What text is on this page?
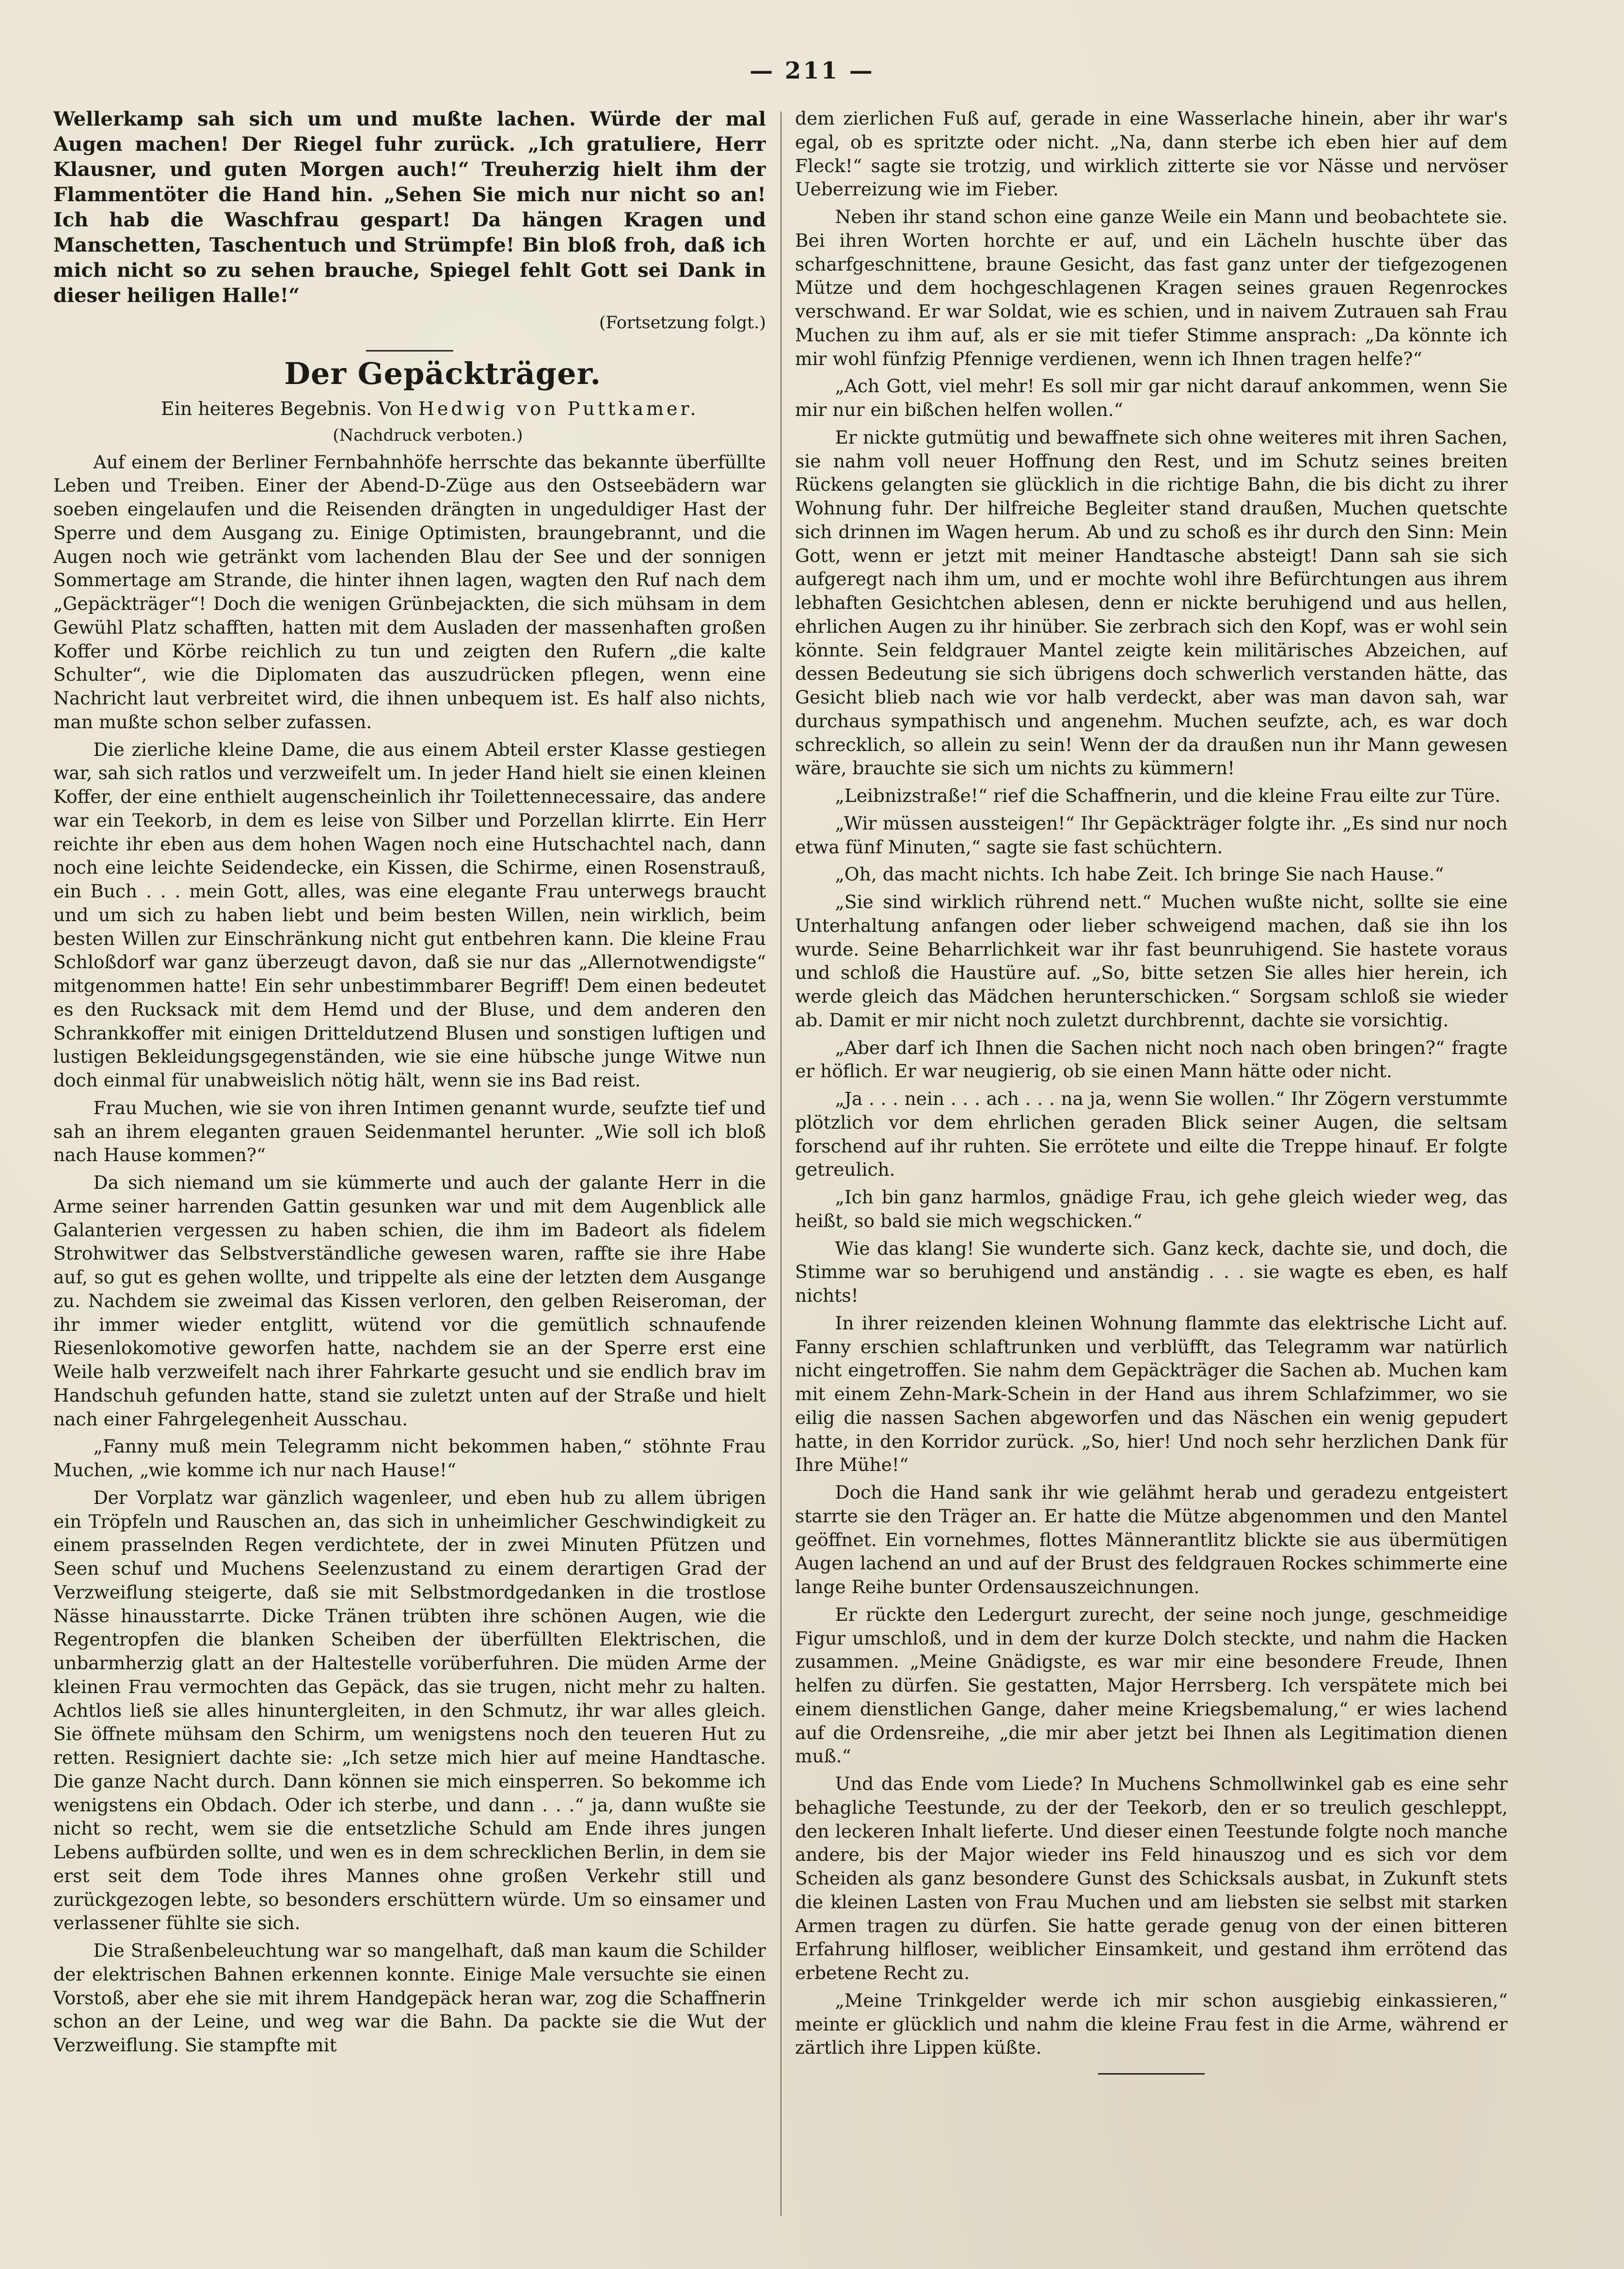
— 211 —

Wellerkamp sah sich um und mußte lachen. Würde der mal Augen machen! Der Riegel fuhr zurück. „Ich gratuliere, Herr Klausner, und guten Morgen auch!“ Treuherzig hielt ihm der Flammentöter die Hand hin. „Sehen Sie mich nur nicht so an! Ich hab die Waschfrau gespart! Da hängen Kragen und Manschetten, Taschentuch und Strümpfe! Bin bloß froh, daß ich mich nicht so zu sehen brauche, Spiegel fehlt Gott sei Dank in dieser heiligen Halle!“

(Fortsetzung folgt.)

Der Gepäckträger.

Ein heiteres Begebnis. Von Hedwig von Puttkamer.

(Nachdruck verboten.)

Auf einem der Berliner Fernbahnhöfe herrschte das bekannte überfüllte Leben und Treiben. Einer der Abend-D-Züge aus den Ostseebädern war soeben eingelaufen und die Reisenden drängten in ungeduldiger Hast der Sperre und dem Ausgang zu. Einige Optimisten, braungebrannt, und die Augen noch wie getränkt vom lachenden Blau der See und der sonnigen Sommertage am Strande, die hinter ihnen lagen, wagten den Ruf nach dem „Gepäckträger“! Doch die wenigen Grünbejackten, die sich mühsam in dem Gewühl Platz schafften, hatten mit dem Ausladen der massenhaften großen Koffer und Körbe reichlich zu tun und zeigten den Rufern „die kalte Schulter“, wie die Diplomaten das auszudrücken pflegen, wenn eine Nachricht laut verbreitet wird, die ihnen unbequem ist. Es half also nichts, man mußte schon selber zufassen.

Die zierliche kleine Dame, die aus einem Abteil erster Klasse gestiegen war, sah sich ratlos und verzweifelt um. In jeder Hand hielt sie einen kleinen Koffer, der eine enthielt augenscheinlich ihr Toilettennecessaire, das andere war ein Teekorb, in dem es leise von Silber und Porzellan klirrte. Ein Herr reichte ihr eben aus dem hohen Wagen noch eine Hutschachtel nach, dann noch eine leichte Seidendecke, ein Kissen, die Schirme, einen Rosenstrauß, ein Buch . . . mein Gott, alles, was eine elegante Frau unterwegs braucht und um sich zu haben liebt und beim besten Willen, nein wirklich, beim besten Willen zur Einschränkung nicht gut entbehren kann. Die kleine Frau Schloßdorf war ganz überzeugt davon, daß sie nur das „Allernotwendigste“ mitgenommen hatte! Ein sehr unbestimmbarer Begriff! Dem einen bedeutet es den Rucksack mit dem Hemd und der Bluse, und dem anderen den Schrankkoffer mit einigen Dritteldutzend Blusen und sonstigen luftigen und lustigen Bekleidungsgegenständen, wie sie eine hübsche junge Witwe nun doch einmal für unabweislich nötig hält, wenn sie ins Bad reist.

Frau Muchen, wie sie von ihren Intimen genannt wurde, seufzte tief und sah an ihrem eleganten grauen Seidenmantel herunter. „Wie soll ich bloß nach Hause kommen?“

Da sich niemand um sie kümmerte und auch der galante Herr in die Arme seiner harrenden Gattin gesunken war und mit dem Augenblick alle Galanterien vergessen zu haben schien, die ihm im Badeort als fidelem Strohwitwer das Selbstverständliche gewesen waren, raffte sie ihre Habe auf, so gut es gehen wollte, und trippelte als eine der letzten dem Ausgange zu. Nachdem sie zweimal das Kissen verloren, den gelben Reiseroman, der ihr immer wieder entglitt, wütend vor die gemütlich schnaufende Riesenlokomotive geworfen hatte, nachdem sie an der Sperre erst eine Weile halb verzweifelt nach ihrer Fahrkarte gesucht und sie endlich brav im Handschuh gefunden hatte, stand sie zuletzt unten auf der Straße und hielt nach einer Fahrgelegenheit Ausschau.

„Fanny muß mein Telegramm nicht bekommen haben,“ stöhnte Frau Muchen, „wie komme ich nur nach Hause!“

Der Vorplatz war gänzlich wagenleer, und eben hub zu allem übrigen ein Tröpfeln und Rauschen an, das sich in unheimlicher Geschwindigkeit zu einem prasselnden Regen verdichtete, der in zwei Minuten Pfützen und Seen schuf und Muchens Seelenzustand zu einem derartigen Grad der Verzweiflung steigerte, daß sie mit Selbstmordgedanken in die trostlose Nässe hinausstarrte. Dicke Tränen trübten ihre schönen Augen, wie die Regentropfen die blanken Scheiben der überfüllten Elektrischen, die unbarmherzig glatt an der Haltestelle vorüberfuhren. Die müden Arme der kleinen Frau vermochten das Gepäck, das sie trugen, nicht mehr zu halten. Achtlos ließ sie alles hinuntergleiten, in den Schmutz, ihr war alles gleich. Sie öffnete mühsam den Schirm, um wenigstens noch den teueren Hut zu retten. Resigniert dachte sie: „Ich setze mich hier auf meine Handtasche. Die ganze Nacht durch. Dann können sie mich einsperren. So bekomme ich wenigstens ein Obdach. Oder ich sterbe, und dann . . .“ ja, dann wußte sie nicht so recht, wem sie die entsetzliche Schuld am Ende ihres jungen Lebens aufbürden sollte, und wen es in dem schrecklichen Berlin, in dem sie erst seit dem Tode ihres Mannes ohne großen Verkehr still und zurückgezogen lebte, so besonders erschüttern würde. Um so einsamer und verlassener fühlte sie sich.

Die Straßenbeleuchtung war so mangelhaft, daß man kaum die Schilder der elektrischen Bahnen erkennen konnte. Einige Male versuchte sie einen Vorstoß, aber ehe sie mit ihrem Handgepäck heran war, zog die Schaffnerin schon an der Leine, und weg war die Bahn. Da packte sie die Wut der Verzweiflung. Sie stampfte mit

dem zierlichen Fuß auf, gerade in eine Wasserlache hinein, aber ihr war's egal, ob es spritzte oder nicht. „Na, dann sterbe ich eben hier auf dem Fleck!“ sagte sie trotzig, und wirklich zitterte sie vor Nässe und nervöser Ueberreizung wie im Fieber.

Neben ihr stand schon eine ganze Weile ein Mann und beobachtete sie. Bei ihren Worten horchte er auf, und ein Lächeln huschte über das scharfgeschnittene, braune Gesicht, das fast ganz unter der tiefgezogenen Mütze und dem hochgeschlagenen Kragen seines grauen Regenrockes verschwand. Er war Soldat, wie es schien, und in naivem Zutrauen sah Frau Muchen zu ihm auf, als er sie mit tiefer Stimme ansprach: „Da könnte ich mir wohl fünfzig Pfennige verdienen, wenn ich Ihnen tragen helfe?“

„Ach Gott, viel mehr! Es soll mir gar nicht darauf ankommen, wenn Sie mir nur ein bißchen helfen wollen.“

Er nickte gutmütig und bewaffnete sich ohne weiteres mit ihren Sachen, sie nahm voll neuer Hoffnung den Rest, und im Schutz seines breiten Rückens gelangten sie glücklich in die richtige Bahn, die bis dicht zu ihrer Wohnung fuhr. Der hilfreiche Begleiter stand draußen, Muchen quetschte sich drinnen im Wagen herum. Ab und zu schoß es ihr durch den Sinn: Mein Gott, wenn er jetzt mit meiner Handtasche absteigt! Dann sah sie sich aufgeregt nach ihm um, und er mochte wohl ihre Befürchtungen aus ihrem lebhaften Gesichtchen ablesen, denn er nickte beruhigend und aus hellen, ehrlichen Augen zu ihr hinüber. Sie zerbrach sich den Kopf, was er wohl sein könnte. Sein feldgrauer Mantel zeigte kein militärisches Abzeichen, auf dessen Bedeutung sie sich übrigens doch schwerlich verstanden hätte, das Gesicht blieb nach wie vor halb verdeckt, aber was man davon sah, war durchaus sympathisch und angenehm. Muchen seufzte, ach, es war doch schrecklich, so allein zu sein! Wenn der da draußen nun ihr Mann gewesen wäre, brauchte sie sich um nichts zu kümmern!

„Leibnizstraße!“ rief die Schaffnerin, und die kleine Frau eilte zur Türe.

„Wir müssen aussteigen!“ Ihr Gepäckträger folgte ihr. „Es sind nur noch etwa fünf Minuten,“ sagte sie fast schüchtern.

„Oh, das macht nichts. Ich habe Zeit. Ich bringe Sie nach Hause.“

„Sie sind wirklich rührend nett.“ Muchen wußte nicht, sollte sie eine Unterhaltung anfangen oder lieber schweigend machen, daß sie ihn los wurde. Seine Beharrlichkeit war ihr fast beunruhigend. Sie hastete voraus und schloß die Haustüre auf. „So, bitte setzen Sie alles hier herein, ich werde gleich das Mädchen herunterschicken.“ Sorgsam schloß sie wieder ab. Damit er mir nicht noch zuletzt durchbrennt, dachte sie vorsichtig.

„Aber darf ich Ihnen die Sachen nicht noch nach oben bringen?“ fragte er höflich. Er war neugierig, ob sie einen Mann hätte oder nicht.

„Ja . . . nein . . . ach . . . na ja, wenn Sie wollen.“ Ihr Zögern verstummte plötzlich vor dem ehrlichen geraden Blick seiner Augen, die seltsam forschend auf ihr ruhten. Sie errötete und eilte die Treppe hinauf. Er folgte getreulich.

„Ich bin ganz harmlos, gnädige Frau, ich gehe gleich wieder weg, das heißt, so bald sie mich wegschicken.“

Wie das klang! Sie wunderte sich. Ganz keck, dachte sie, und doch, die Stimme war so beruhigend und anständig . . . sie wagte es eben, es half nichts!

In ihrer reizenden kleinen Wohnung flammte das elektrische Licht auf. Fanny erschien schlaftrunken und verblüfft, das Telegramm war natürlich nicht eingetroffen. Sie nahm dem Gepäckträger die Sachen ab. Muchen kam mit einem Zehn-Mark-Schein in der Hand aus ihrem Schlafzimmer, wo sie eilig die nassen Sachen abgeworfen und das Näschen ein wenig gepudert hatte, in den Korridor zurück. „So, hier! Und noch sehr herzlichen Dank für Ihre Mühe!“

Doch die Hand sank ihr wie gelähmt herab und geradezu entgeistert starrte sie den Träger an. Er hatte die Mütze abgenommen und den Mantel geöffnet. Ein vornehmes, flottes Männerantlitz blickte sie aus übermütigen Augen lachend an und auf der Brust des feldgrauen Rockes schimmerte eine lange Reihe bunter Ordensauszeichnungen.

Er rückte den Ledergurt zurecht, der seine noch junge, geschmeidige Figur umschloß, und in dem der kurze Dolch steckte, und nahm die Hacken zusammen. „Meine Gnädigste, es war mir eine besondere Freude, Ihnen helfen zu dürfen. Sie gestatten, Major Herrsberg. Ich verspätete mich bei einem dienstlichen Gange, daher meine Kriegsbemalung,“ er wies lachend auf die Ordensreihe, „die mir aber jetzt bei Ihnen als Legitimation dienen muß.“

Und das Ende vom Liede? In Muchens Schmollwinkel gab es eine sehr behagliche Teestunde, zu der der Teekorb, den er so treulich geschleppt, den leckeren Inhalt lieferte. Und dieser einen Teestunde folgte noch manche andere, bis der Major wieder ins Feld hinauszog und es sich vor dem Scheiden als ganz besondere Gunst des Schicksals ausbat, in Zukunft stets die kleinen Lasten von Frau Muchen und am liebsten sie selbst mit starken Armen tragen zu dürfen. Sie hatte gerade genug von der einen bitteren Erfahrung hilfloser, weiblicher Einsamkeit, und gestand ihm errötend das erbetene Recht zu.

„Meine Trinkgelder werde ich mir schon ausgiebig einkassieren,“ meinte er glücklich und nahm die kleine Frau fest in die Arme, während er zärtlich ihre Lippen küßte.
